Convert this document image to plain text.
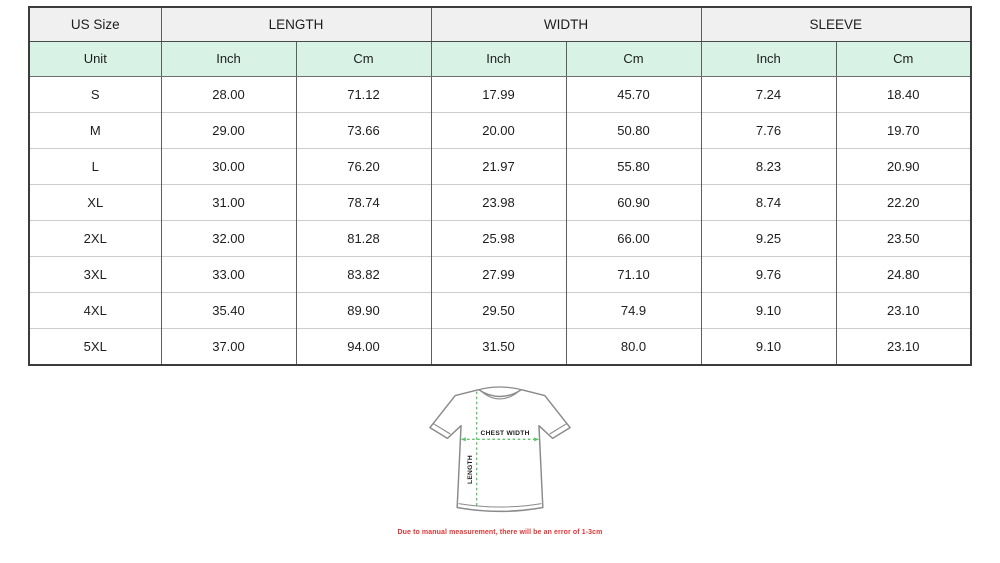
US Size	LENGTH		WIDTH		SLEEVE	
Unit	Inch	Cm	Inch	Cm	Inch	Cm
S	28.00	71.12	17.99	45.70	7.24	18.40
M	29.00	73.66	20.00	50.80	7.76	19.70
L	30.00	76.20	21.97	55.80	8.23	20.90
XL	31.00	78.74	23.98	60.90	8.74	22.20
2XL	32.00	81.28	25.98	66.00	9.25	23.50
3XL	33.00	83.82	27.99	71.10	9.76	24.80
4XL	35.40	89.90	29.50	74.9	9.10	23.10
5XL	37.00	94.00	31.50	80.0	9.10	23.10
CHEST WIDTH
LENGTH
Due to manual measurement, there will be an error of 1-3cm
